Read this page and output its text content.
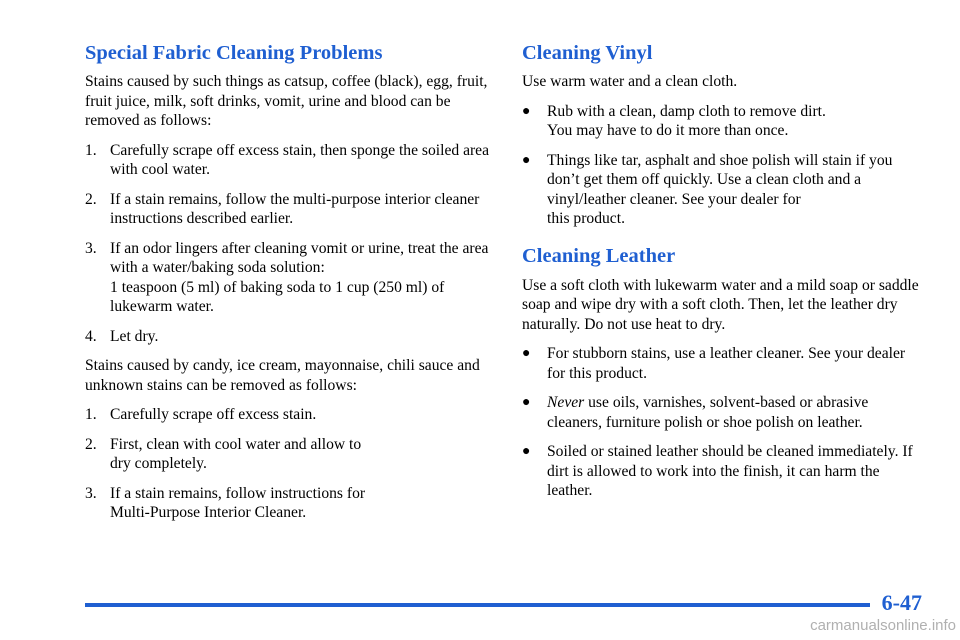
Special Fabric Cleaning Problems

Stains caused by such things as catsup, coffee (black), egg, fruit, fruit juice, milk, soft drinks, vomit, urine and blood can be removed as follows:

1. Carefully scrape off excess stain, then sponge the soiled area with cool water.
2. If a stain remains, follow the multi-purpose interior cleaner instructions described earlier.
3. If an odor lingers after cleaning vomit or urine, treat the area with a water/baking soda solution:
1 teaspoon (5 ml) of baking soda to 1 cup (250 ml) of lukewarm water.
4. Let dry.

Stains caused by candy, ice cream, mayonnaise, chili sauce and unknown stains can be removed as follows:

1. Carefully scrape off excess stain.
2. First, clean with cool water and allow to
dry completely.
3. If a stain remains, follow instructions for
Multi-Purpose Interior Cleaner.
Cleaning Vinyl

Use warm water and a clean cloth.

● Rub with a clean, damp cloth to remove dirt.
You may have to do it more than once.
● Things like tar, asphalt and shoe polish will stain if you don’t get them off quickly. Use a clean cloth and a vinyl/leather cleaner. See your dealer for
this product.
Cleaning Leather

Use a soft cloth with lukewarm water and a mild soap or saddle soap and wipe dry with a soft cloth. Then, let the leather dry naturally. Do not use heat to dry.

● For stubborn stains, use a leather cleaner. See your dealer for this product.
● Never use oils, varnishes, solvent-based or abrasive cleaners, furniture polish or shoe polish on leather.
● Soiled or stained leather should be cleaned immediately. If dirt is allowed to work into the finish, it can harm the leather.
6-47
carmanualsonline.info
